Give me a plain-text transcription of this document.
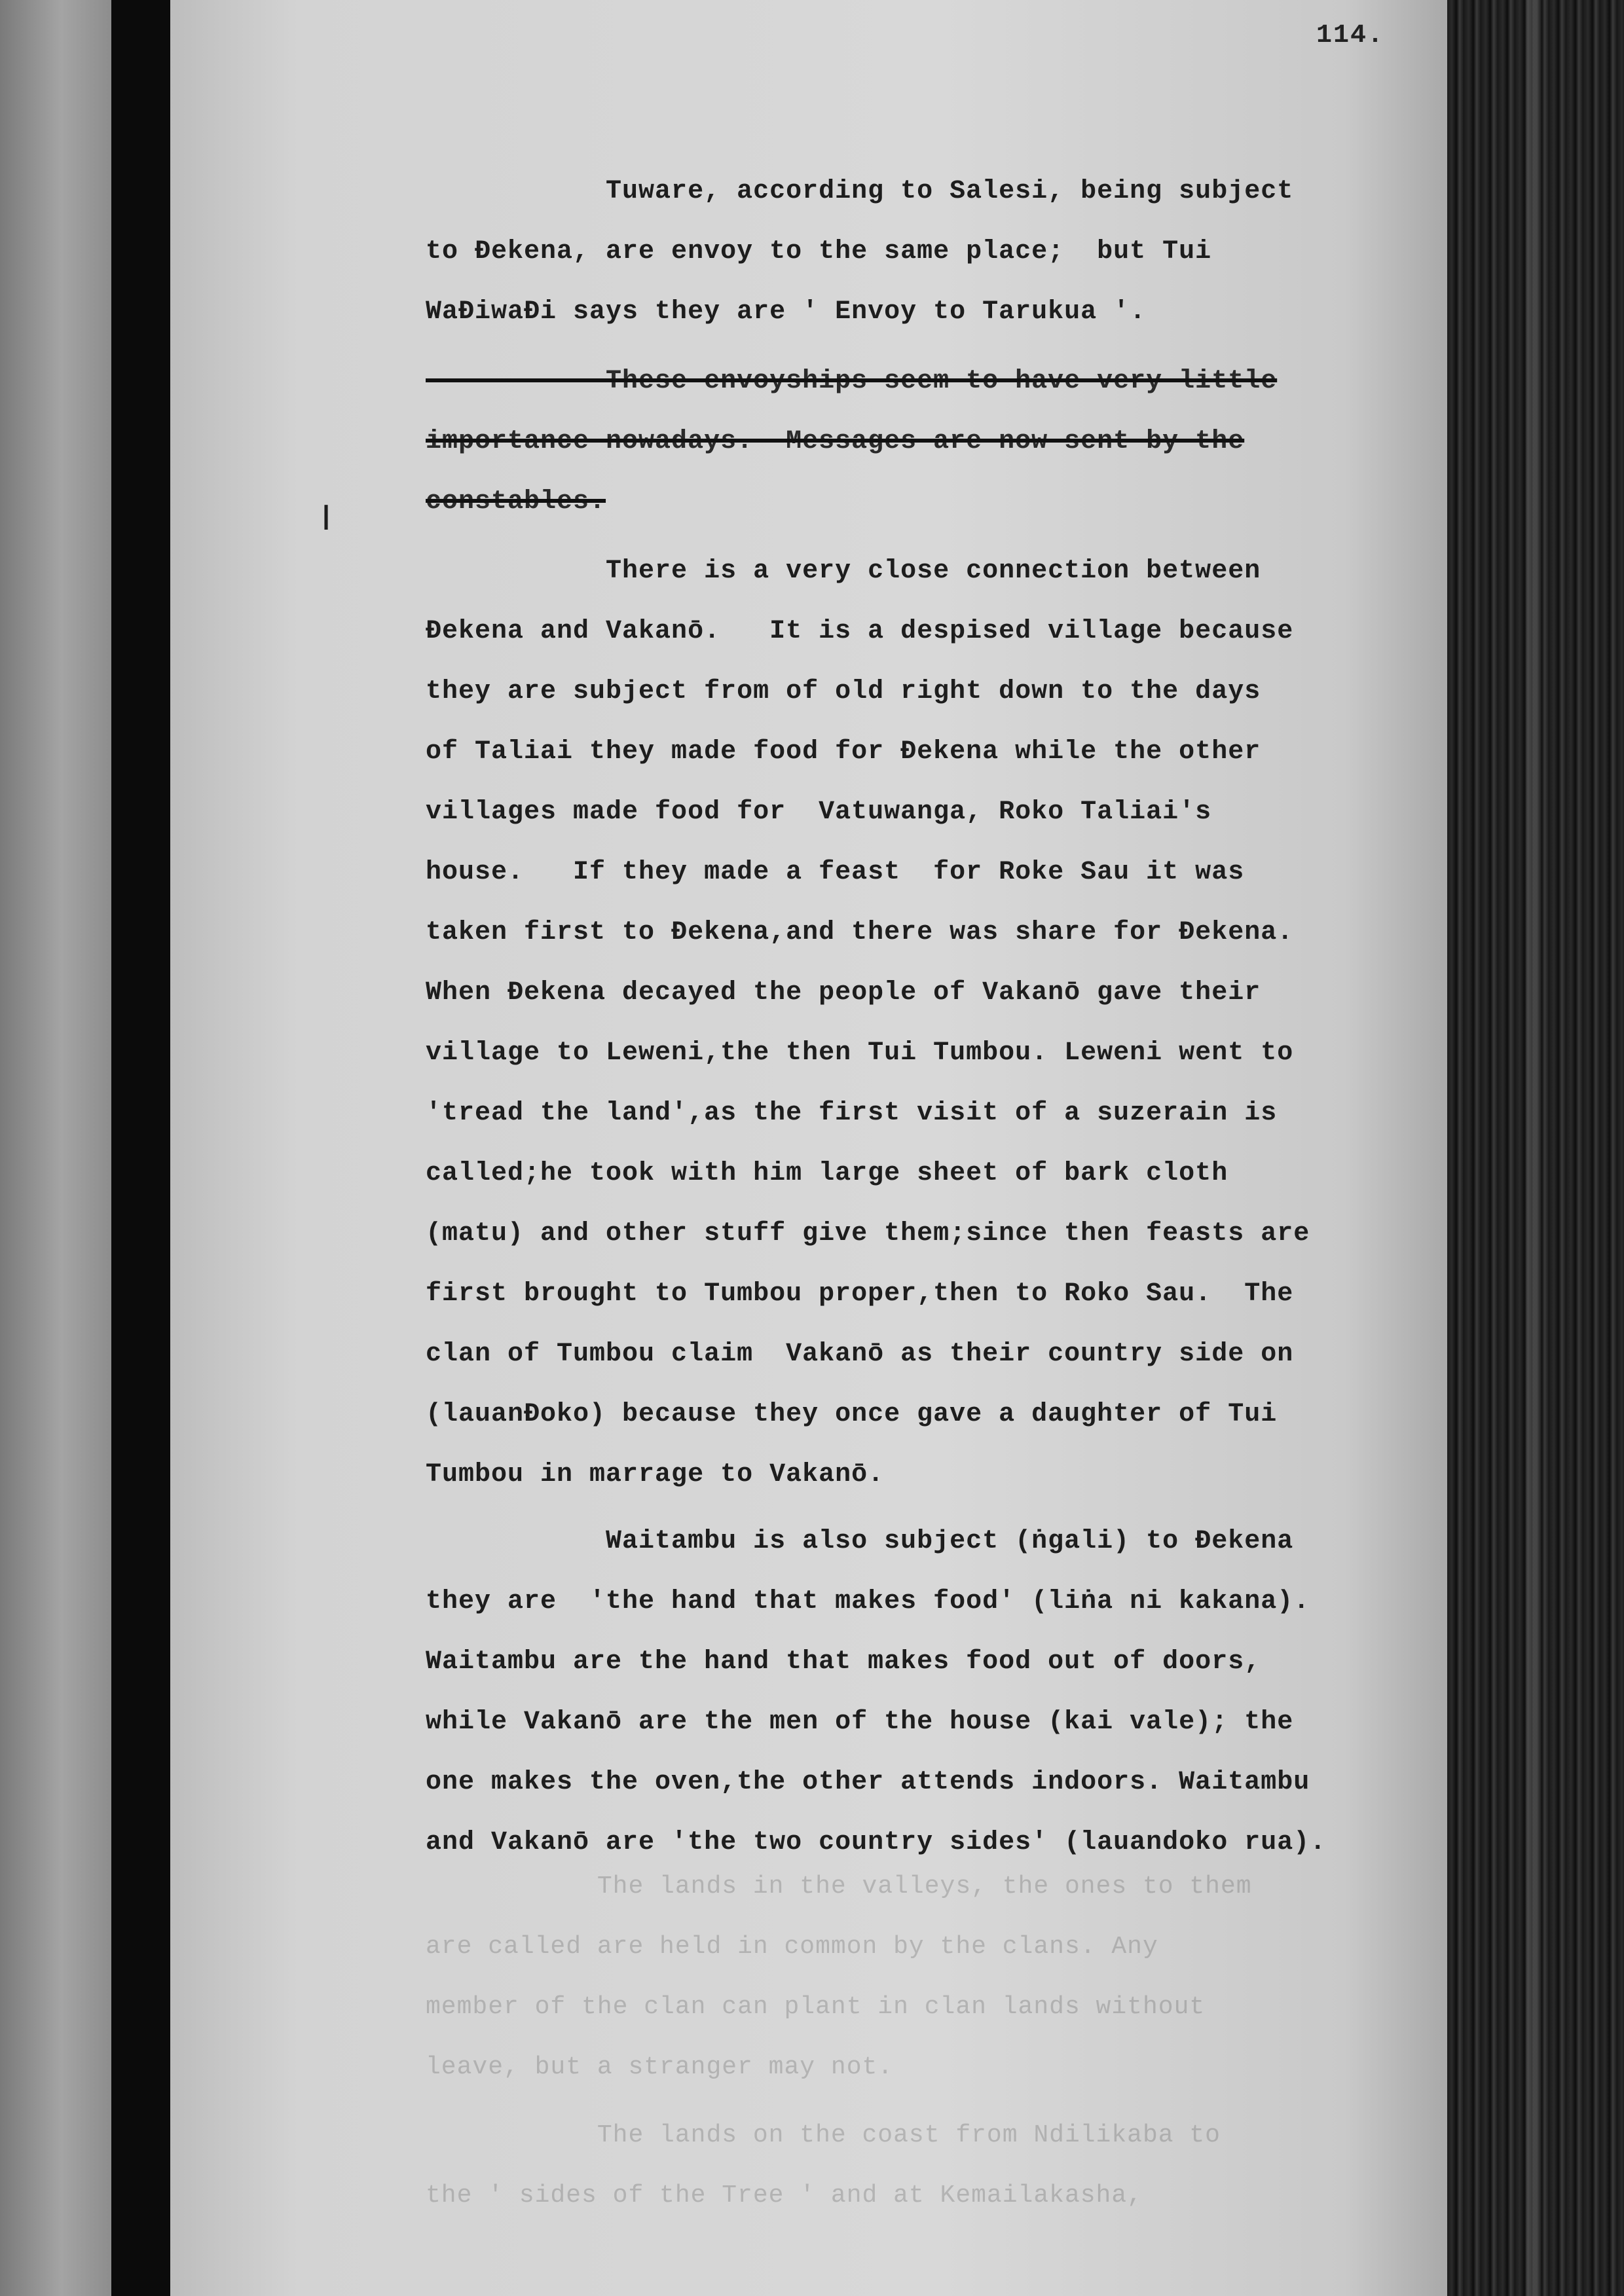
114.
|
Tuware, according to Salesi, being subject
to Ɖekena, are envoy to the same place;  but Tui
WaƉiwaƉi says they are ' Envoy to Tarukua '.
These envoyships seem to have very little
importance nowadays.  Messages are now sent by the
constables.
There is a very close connection between
Ɖekena and Vakanō.   It is a despised village because
they are subject from of old right down to the days
of Taliai they made food for Ɖekena while the other
villages made food for  Vatuwanga, Roko Taliai's
house.   If they made a feast  for Roke Sau it was
taken first to Ɖekena,and there was share for Ɖekena.
When Ɖekena decayed the people of Vakanō gave their
village to Leweni,the then Tui Tumbou. Leweni went to
'tread the land',as the first visit of a suzerain is
called;he took with him large sheet of bark cloth
(matu) and other stuff give them;since then feasts are
first brought to Tumbou proper,then to Roko Sau.  The
clan of Tumbou claim  Vakanō as their country side on
(lauanƉoko) because they once gave a daughter of Tui
Tumbou in marrage to Vakanō.
Waitambu is also subject (ṅgali) to Ɖekena
they are  'the hand that makes food' (liṅa ni kakana).
Waitambu are the hand that makes food out of doors,
while Vakanō are the men of the house (kai vale); the
one makes the oven,the other attends indoors. Waitambu
and Vakanō are 'the two country sides' (lauandoko rua).
The lands in the valleys, the ones to them
are called are held in common by the clans. Any
member of the clan can plant in clan lands without
leave, but a stranger may not.
The lands on the coast from Ndilikaba to
the ' sides of the Tree ' and at Kemailakasha,
